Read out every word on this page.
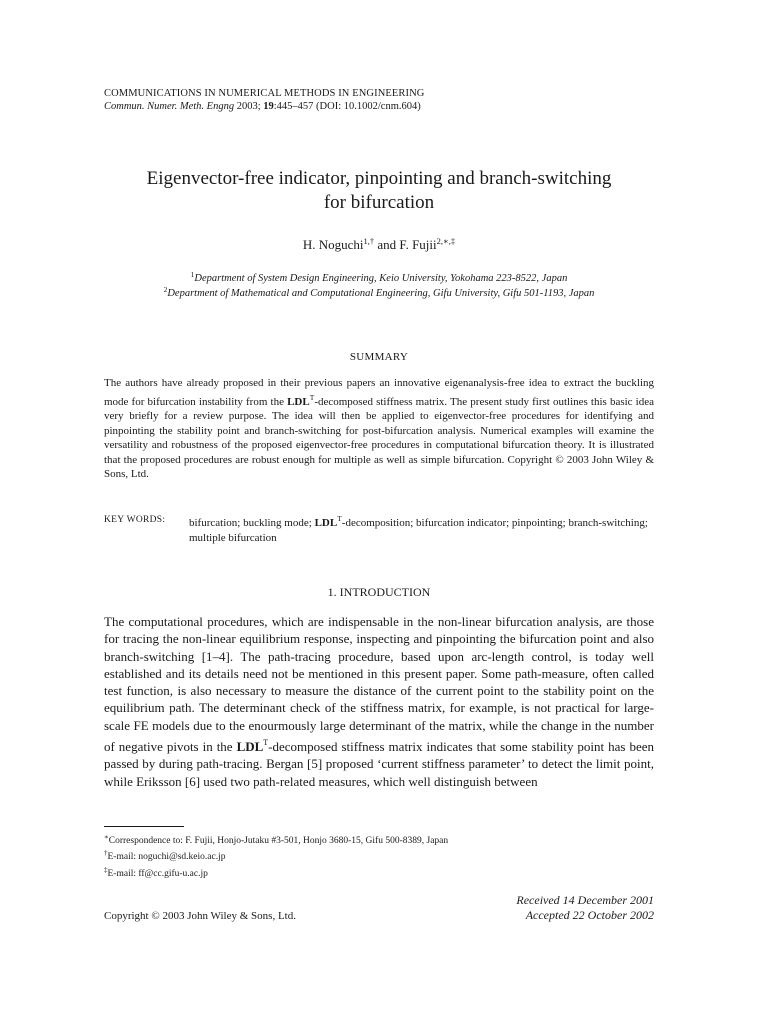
COMMUNICATIONS IN NUMERICAL METHODS IN ENGINEERING
Commun. Numer. Meth. Engng 2003; 19:445–457 (DOI: 10.1002/cnm.604)
Eigenvector-free indicator, pinpointing and branch-switching
for bifurcation
H. Noguchi$^{1,\dagger}$ and F. Fujii$^{2,∗,\ddagger}$
$^1$Department of System Design Engineering, Keio University, Yokohama 223-8522, Japan
$^2$Department of Mathematical and Computational Engineering, Gifu University, Gifu 501-1193, Japan
SUMMARY
The authors have already proposed in their previous papers an innovative eigenanalysis-free idea to extract the buckling mode for bifurcation instability from the $LDL^T$-decomposed stiffness matrix. The present study first outlines this basic idea very briefly for a review purpose. The idea will then be applied to eigenvector-free procedures for identifying and pinpointing the stability point and branch-switching for post-bifurcation analysis. Numerical examples will examine the versatility and robustness of the proposed eigenvector-free procedures in computational bifurcation theory. It is illustrated that the proposed procedures are robust enough for multiple as well as simple bifurcation. Copyright © 2003 John Wiley & Sons, Ltd.
KEY WORDS:	bifurcation; buckling mode; $LDL^T$-decomposition; bifurcation indicator; pinpointing; branch-switching; multiple bifurcation
1. INTRODUCTION
The computational procedures, which are indispensable in the non-linear bifurcation analysis, are those for tracing the non-linear equilibrium response, inspecting and pinpointing the bifurcation point and also branch-switching [1–4]. The path-tracing procedure, based upon arc-length control, is today well established and its details need not be mentioned in this present paper. Some path-measure, often called test function, is also necessary to measure the distance of the current point to the stability point on the equilibrium path. The determinant check of the stiffness matrix, for example, is not practical for large-scale FE models due to the enourmously large determinant of the matrix, while the change in the number of negative pivots in the $LDL^T$-decomposed stiffness matrix indicates that some stability point has been passed by during path-tracing. Bergan [5] proposed ‘current stiffness parameter’ to detect the limit point, while Eriksson [6] used two path-related measures, which well distinguish between
∗Correspondence to: F. Fujii, Honjo-Jutaku #3-501, Honjo 3680-15, Gifu 500-8389, Japan
†E-mail: noguchi@sd.keio.ac.jp
‡E-mail: ff@cc.gifu-u.ac.jp
Received 14 December 2001
Accepted 22 October 2002
Copyright © 2003 John Wiley & Sons, Ltd.
